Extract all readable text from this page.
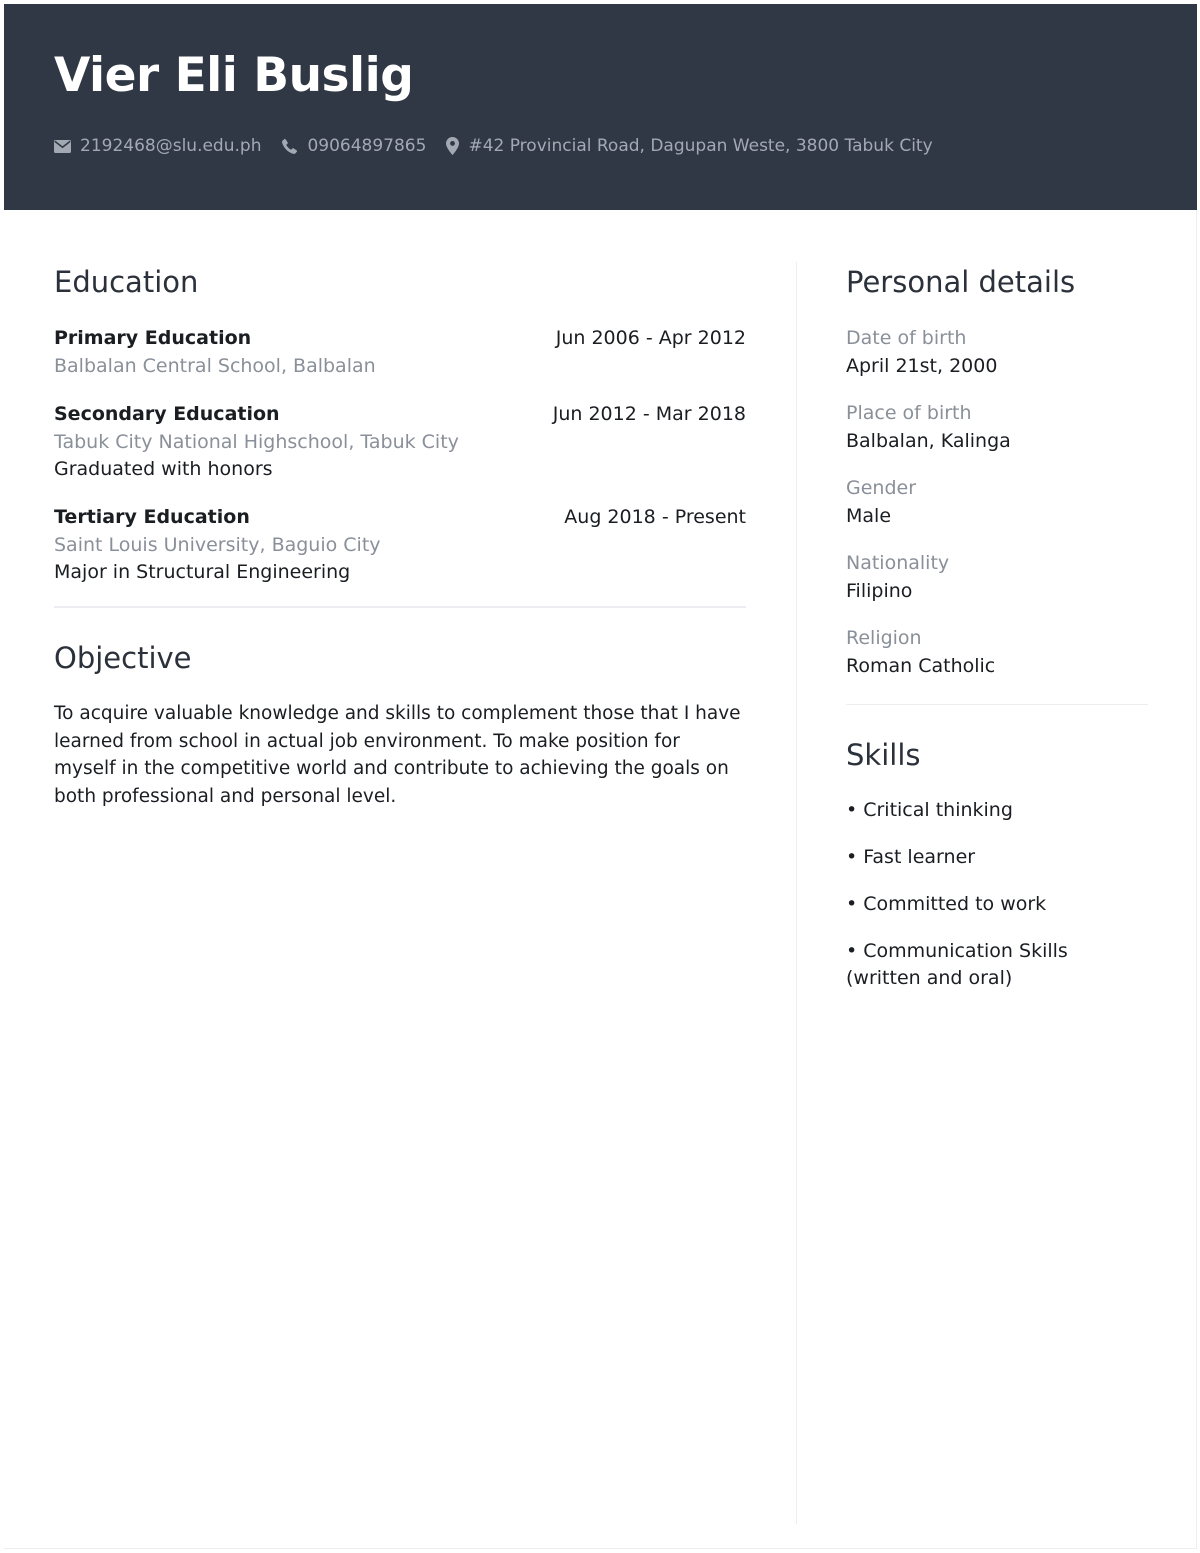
Vier Eli Buslig
2192468@slu.edu.ph	09064897865 #42 Provincial Road, Dagupan Weste, 3800 Tabuk City
Education
Primary Education	Jun 2006 - Apr 2012
Balbalan Central School, Balbalan
Secondary Education	Jun 2012 - Mar 2018
Tabuk City National Highschool, Tabuk City
Graduated with honors
Tertiary Education	Aug 2018 - Present
Saint Louis University, Baguio City
Major in Structural Engineering
Objective

To acquire valuable knowledge and skills to complement those that I have learned from school in actual job environment. To make position for myself in the competitive world and contribute to achieving the goals on both professional and personal level.

Personal details
Date of birth
April 21st, 2000
Place of birth
Balbalan, Kalinga
Gender
Male
Nationality
Filipino
Religion
Roman Catholic
Skills
• Critical thinking
• Fast learner
• Committed to work
• Communication Skills (written and oral)
